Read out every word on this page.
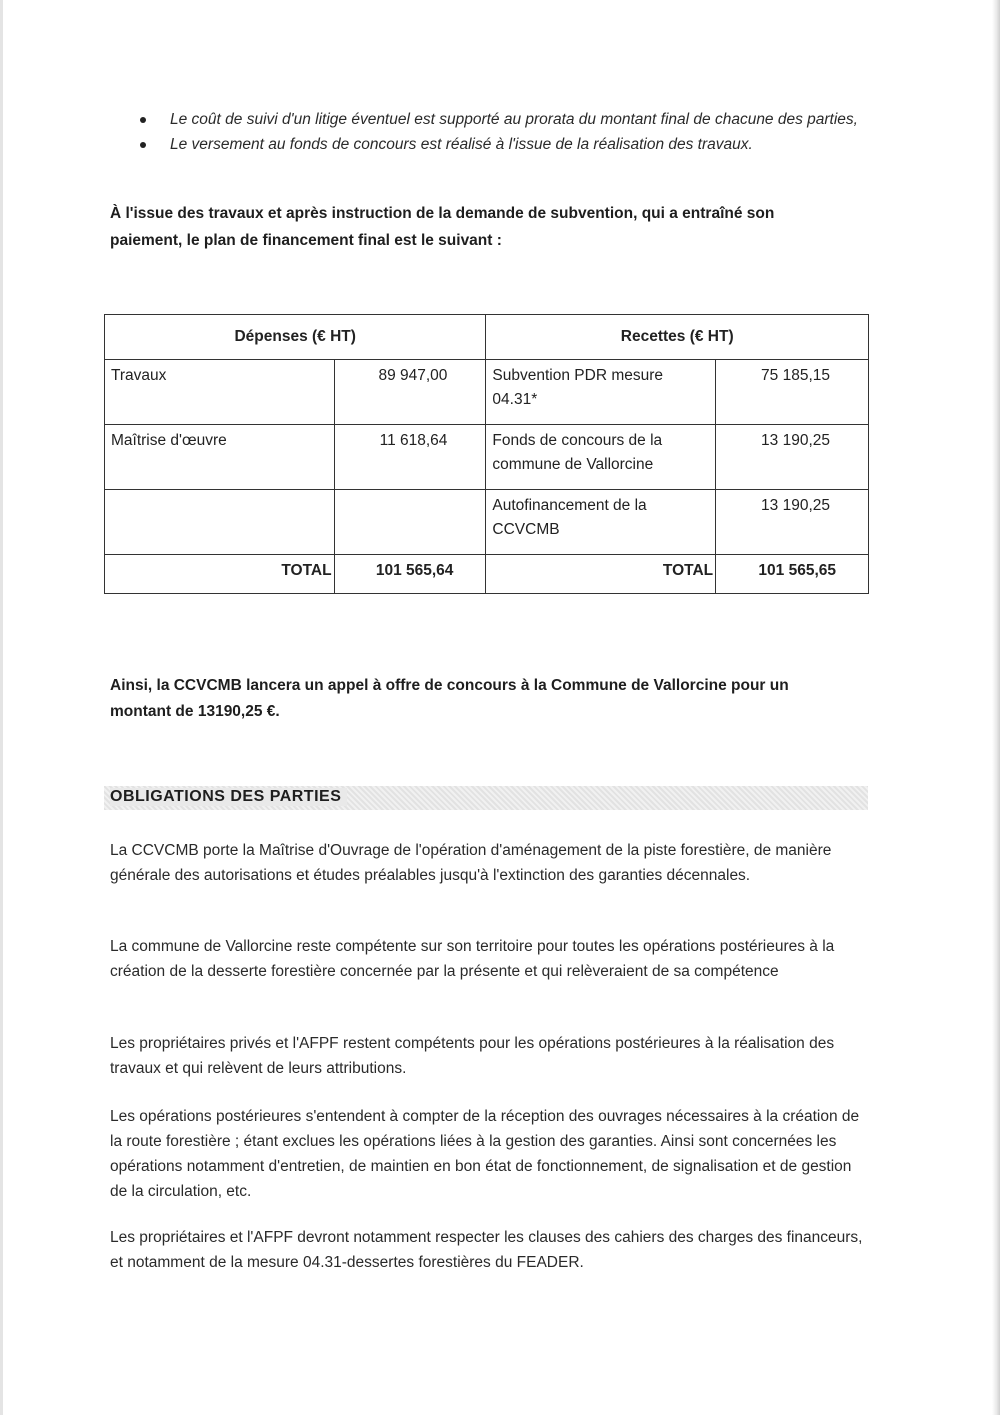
Le coût de suivi d'un litige éventuel est supporté au prorata du montant final de chacune des parties,
Le versement au fonds de concours est réalisé à l'issue de la réalisation des travaux.
À l'issue des travaux et après instruction de la demande de subvention, qui a entraîné son paiement, le plan de financement final est le suivant :
Dépenses (€ HT)		Recettes (€ HT)	
Travaux	89 947,00	Subvention PDR mesure 04.31*	75 185,15
Maîtrise d'œuvre	11 618,64	Fonds de concours de la commune de Vallorcine	13 190,25
		Autofinancement de la CCVCMB	13 190,25
TOTAL	101 565,64	TOTAL	101 565,65
Ainsi, la CCVCMB lancera un appel à offre de concours à la Commune de Vallorcine pour un montant de 13190,25 €.
OBLIGATIONS DES PARTIES

La CCVCMB porte la Maîtrise d'Ouvrage de l'opération d'aménagement de la piste forestière, de manière générale des autorisations et études préalables jusqu'à l'extinction des garanties décennales.

La commune de Vallorcine reste compétente sur son territoire pour toutes les opérations postérieures à la création de la desserte forestière concernée par la présente et qui relèveraient de sa compétence

Les propriétaires privés et l'AFPF restent compétents pour les opérations postérieures à la réalisation des travaux et qui relèvent de leurs attributions.

Les opérations postérieures s'entendent à compter de la réception des ouvrages nécessaires à la création de la route forestière ; étant exclues les opérations liées à la gestion des garanties. Ainsi sont concernées les opérations notamment d'entretien, de maintien en bon état de fonctionnement, de signalisation et de gestion de la circulation, etc.

Les propriétaires et l'AFPF devront notamment respecter les clauses des cahiers des charges des financeurs, et notamment de la mesure 04.31-dessertes forestières du FEADER.
